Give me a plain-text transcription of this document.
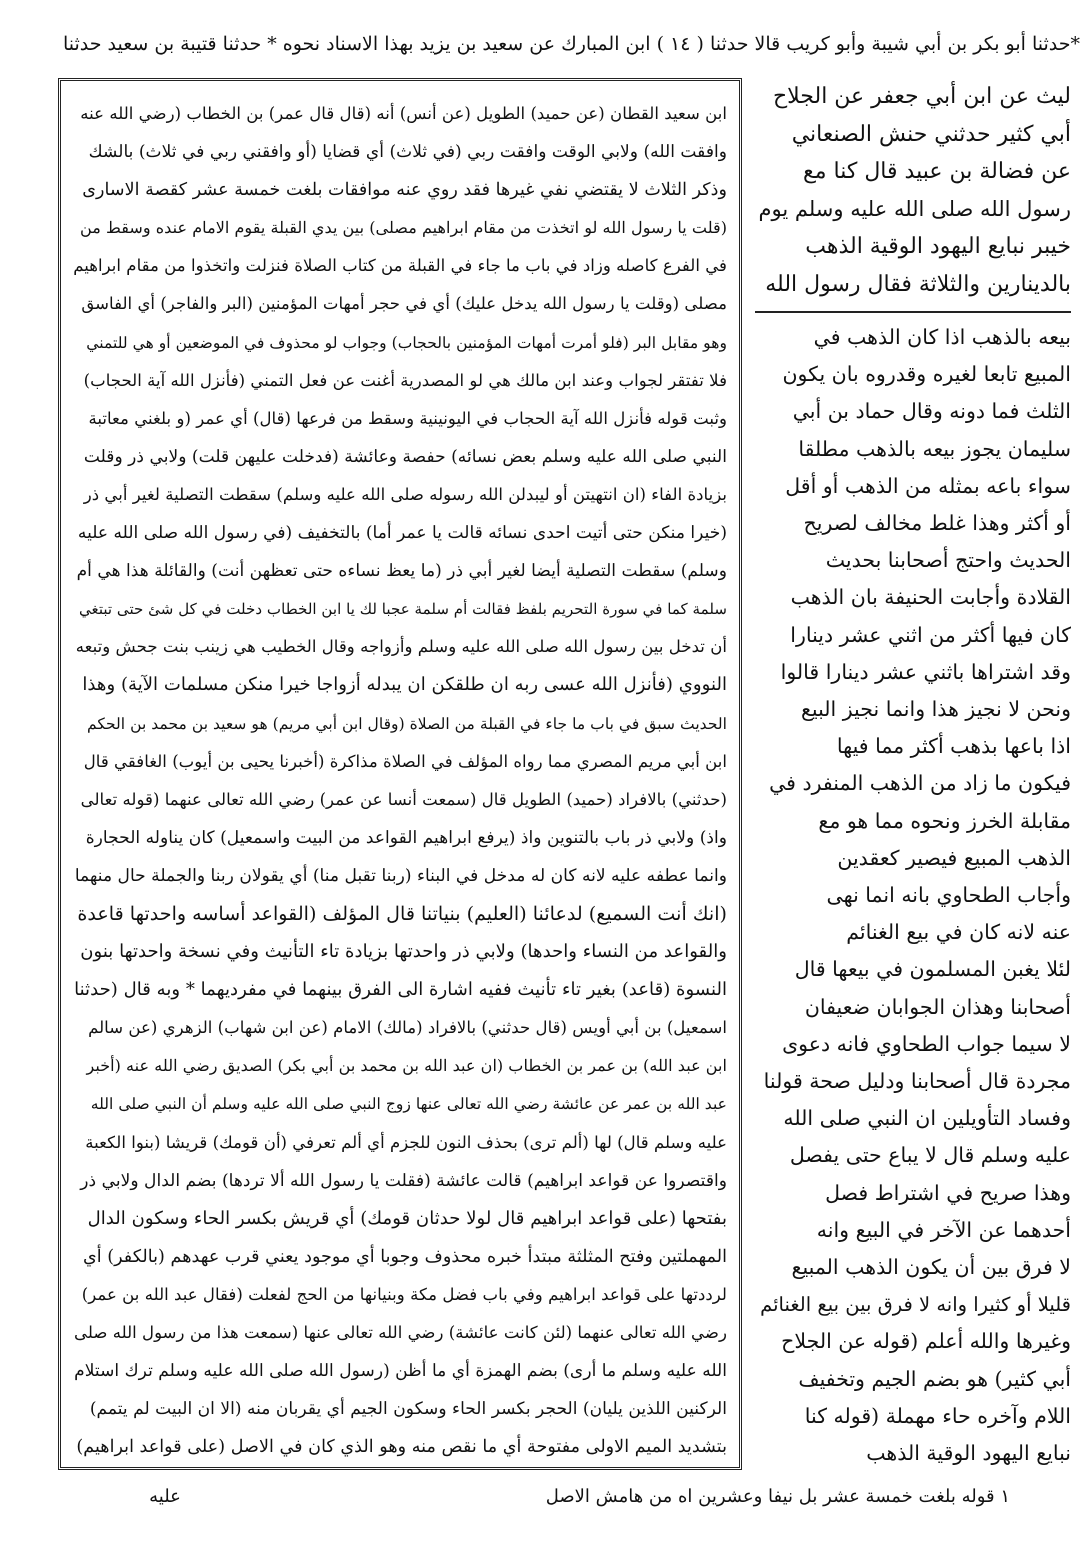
*حدثنا أبو بكر بن أبي شيبة وأبو كريب قالا حدثنا ( ١٤ ) ابن المبارك عن سعيد بن يزيد بهذا الاسناد نحوه * حدثنا قتيبة بن سعيد حدثنا
ابن سعيد القطان (عن حميد) الطويل (عن أنس) أنه (قال قال عمر) بن الخطاب (رضي الله عنه
وافقت الله) ولابي الوقت وافقت ربي (في ثلاث) أي قضايا (أو وافقني ربي في ثلاث) بالشك
وذكر الثلاث لا يقتضي نفي غيرها فقد روي عنه موافقات بلغت خمسة عشر كقصة الاسارى
(قلت يا رسول الله لو اتخذت من مقام ابراهيم مصلى) بين يدي القبلة يقوم الامام عنده وسقط من
في الفرع كاصله وزاد في باب ما جاء في القبلة من كتاب الصلاة فنزلت واتخذوا من مقام ابراهيم
مصلى (وقلت يا رسول الله يدخل عليك) أي في حجر أمهات المؤمنين (البر والفاجر) أي الفاسق
وهو مقابل البر (فلو أمرت أمهات المؤمنين بالحجاب) وجواب لو محذوف في الموضعين أو هي للتمني
فلا تفتقر لجواب وعند ابن مالك هي لو المصدرية أغنت عن فعل التمني (فأنزل الله آية الحجاب)
وثبت قوله فأنزل الله آية الحجاب في اليونينية وسقط من فرعها (قال) أي عمر (و بلغني معاتبة
النبي صلى الله عليه وسلم بعض نسائه) حفصة وعائشة (فدخلت عليهن قلت) ولابي ذر وقلت
بزيادة الفاء (ان انتهيتن أو ليبدلن الله رسوله صلى الله عليه وسلم) سقطت التصلية لغير أبي ذر
(خيرا منكن حتى أتيت احدى نسائه قالت يا عمر أما) بالتخفيف (في رسول الله صلى الله عليه
وسلم) سقطت التصلية أيضا لغير أبي ذر (ما يعظ نساءه حتى تعظهن أنت) والقائلة هذا هي أم
سلمة كما في سورة التحريم بلفظ فقالت أم سلمة عجبا لك يا ابن الخطاب دخلت في كل شئ حتى تبتغي
أن تدخل بين رسول الله صلى الله عليه وسلم وأزواجه وقال الخطيب هي زينب بنت جحش وتبعه
النووي (فأنزل الله عسى ربه ان طلقكن ان يبدله أزواجا خيرا منكن مسلمات الآية) وهذا
الحديث سبق في باب ما جاء في القبلة من الصلاة (وقال ابن أبي مريم) هو سعيد بن محمد بن الحكم
ابن أبي مريم المصري مما رواه المؤلف في الصلاة مذاكرة (أخبرنا يحيى بن أيوب) الغافقي قال
(حدثني) بالافراد (حميد) الطويل قال (سمعت أنسا عن عمر) رضي الله تعالى عنهما (قوله تعالى
واذ) ولابي ذر باب بالتنوين واذ (يرفع ابراهيم القواعد من البيت واسمعيل) كان يناوله الحجارة
وانما عطفه عليه لانه كان له مدخل في البناء (ربنا تقبل منا) أي يقولان ربنا والجملة حال منهما
(انك أنت السميع) لدعائنا (العليم) بنياتنا قال المؤلف (القواعد أساسه واحدتها قاعدة
والقواعد من النساء واحدها) ولابي ذر واحدتها بزيادة تاء التأنيث وفي نسخة واحدتها بنون
النسوة (قاعد) بغير تاء تأنيث ففيه اشارة الى الفرق بينهما في مفرديهما * وبه قال (حدثنا
اسمعيل) بن أبي أويس (قال حدثني) بالافراد (مالك) الامام (عن ابن شهاب) الزهري (عن سالم
ابن عبد الله) بن عمر بن الخطاب (ان عبد الله بن محمد بن أبي بكر) الصديق رضي الله عنه (أخبر
عبد الله بن عمر عن عائشة رضي الله تعالى عنها زوج النبي صلى الله عليه وسلم أن النبي صلى الله
عليه وسلم قال) لها (ألم ترى) بحذف النون للجزم أي ألم تعرفي (أن قومك) قريشا (بنوا الكعبة
واقتصروا عن قواعد ابراهيم) قالت عائشة (فقلت يا رسول الله ألا تردها) بضم الدال ولابي ذر
بفتحها (على قواعد ابراهيم قال لولا حدثان قومك) أي قريش بكسر الحاء وسكون الدال
المهملتين وفتح المثلثة مبتدأ خبره محذوف وجوبا أي موجود يعني قرب عهدهم (بالكفر) أي
لرددتها على قواعد ابراهيم وفي باب فضل مكة وبنيانها من الحج لفعلت (فقال عبد الله بن عمر)
رضي الله تعالى عنهما (لئن كانت عائشة) رضي الله تعالى عنها (سمعت هذا من رسول الله صلى
الله عليه وسلم ما أرى) بضم الهمزة أي ما أظن (رسول الله صلى الله عليه وسلم ترك استلام
الركنين اللذين يليان) الحجر بكسر الحاء وسكون الجيم أي يقربان منه (الا ان البيت لم يتمم)
بتشديد الميم الاولى مفتوحة أي ما نقص منه وهو الذي كان في الاصل (على قواعد ابراهيم)
ليث عن ابن أبي جعفر عن الجلاح
أبي كثير حدثني حنش الصنعاني
عن فضالة بن عبيد قال كنا مع
رسول الله صلى الله عليه وسلم يوم
خيبر نبايع اليهود الوقية الذهب
بالدينارين والثلاثة فقال رسول الله
بيعه بالذهب اذا كان الذهب في
المبيع تابعا لغيره وقدروه بان يكون
الثلث فما دونه وقال حماد بن أبي
سليمان يجوز بيعه بالذهب مطلقا
سواء باعه بمثله من الذهب أو أقل
أو أكثر وهذا غلط مخالف لصريح
الحديث واحتج أصحابنا بحديث
القلادة وأجابت الحنيفة بان الذهب
كان فيها أكثر من اثني عشر دينارا
وقد اشتراها باثني عشر دينارا قالوا
ونحن لا نجيز هذا وانما نجيز البيع
اذا باعها بذهب أكثر مما فيها
فيكون ما زاد من الذهب المنفرد في
مقابلة الخرز ونحوه مما هو مع
الذهب المبيع فيصير كعقدين
وأجاب الطحاوي بانه انما نهى
عنه لانه كان في بيع الغنائم
لئلا يغبن المسلمون في بيعها قال
أصحابنا وهذان الجوابان ضعيفان
لا سيما جواب الطحاوي فانه دعوى
مجردة قال أصحابنا ودليل صحة قولنا
وفساد التأويلين ان النبي صلى الله
عليه وسلم قال لا يباع حتى يفصل
وهذا صريح في اشتراط فصل
أحدهما عن الآخر في البيع وانه
لا فرق بين أن يكون الذهب المبيع
قليلا أو كثيرا وانه لا فرق بين بيع الغنائم
وغيرها والله أعلم (قوله عن الجلاح
أبي كثير) هو بضم الجيم وتخفيف
اللام وآخره حاء مهملة (قوله كنا
نبايع اليهود الوقية الذهب
١ قوله بلغت خمسة عشر بل نيفا وعشرين اه من هامش الاصل
عليه
